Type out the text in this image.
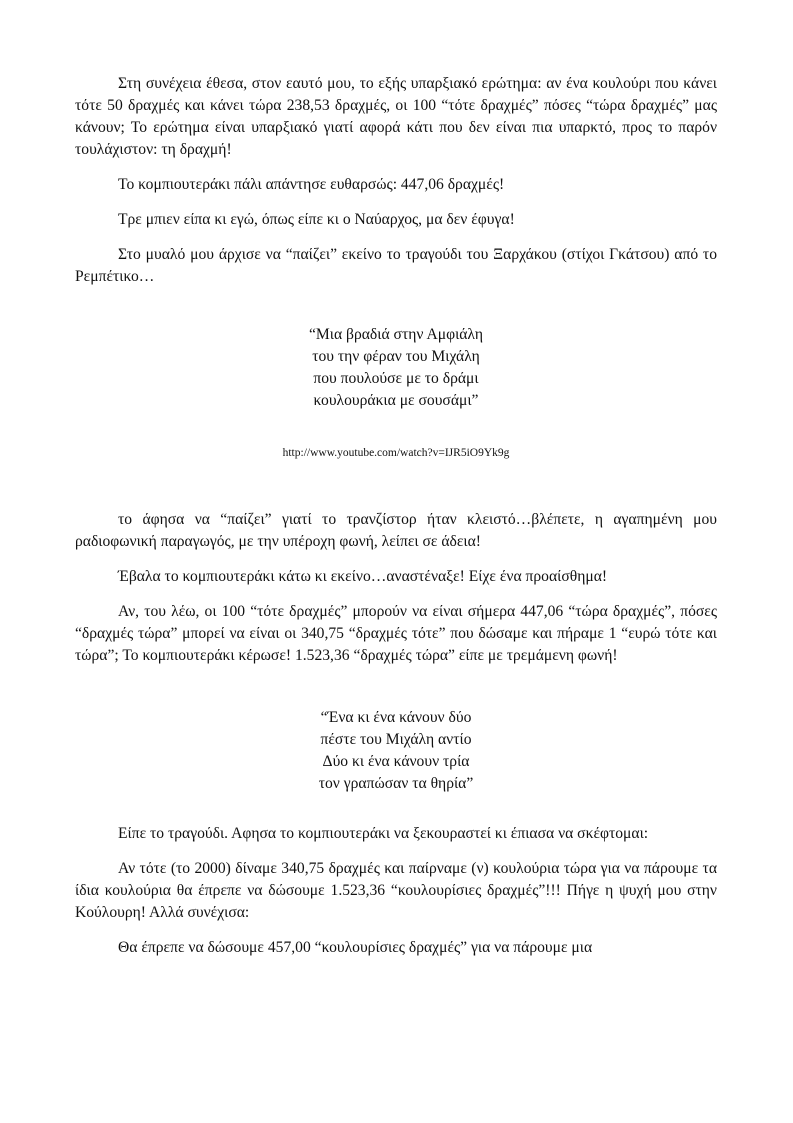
Στη συνέχεια έθεσα, στον εαυτό μου, το εξής υπαρξιακό ερώτημα: αν ένα κουλούρι που κάνει τότε 50 δραχμές και κάνει τώρα 238,53 δραχμές, οι 100 “τότε δραχμές” πόσες “τώρα δραχμές” μας κάνουν; Το ερώτημα είναι υπαρξιακό γιατί αφορά κάτι που δεν είναι πια υπαρκτό, προς το παρόν τουλάχιστον: τη δραχμή!

Το κομπιουτεράκι πάλι απάντησε ευθαρσώς: 447,06 δραχμές!

Τρε μπιεν είπα κι εγώ, όπως είπε κι ο Ναύαρχος, μα δεν έφυγα!

Στο μυαλό μου άρχισε να “παίζει” εκείνο το τραγούδι του Ξαρχάκου (στίχοι Γκάτσου) από το Ρεμπέτικο…

“Μια βραδιά στην Αμφιάλη
του την φέραν του Μιχάλη
που πουλούσε με το δράμι
κουλουράκια με σουσάμι”

http://www.youtube.com/watch?v=IJR5iO9Yk9g

το άφησα να “παίζει” γιατί το τρανζίστορ ήταν κλειστό…βλέπετε, η αγαπημένη μου ραδιοφωνική παραγωγός, με την υπέροχη φωνή, λείπει σε άδεια!

Έβαλα το κομπιουτεράκι κάτω κι εκείνο…αναστέναξε! Είχε ένα προαίσθημα!

Αν, του λέω, οι 100 “τότε δραχμές” μπορούν να είναι σήμερα 447,06 “τώρα δραχμές”, πόσες “δραχμές τώρα” μπορεί να είναι οι 340,75 “δραχμές τότε” που δώσαμε και πήραμε 1 “ευρώ τότε και τώρα”; Το κομπιουτεράκι κέρωσε! 1.523,36 “δραχμές τώρα” είπε με τρεμάμενη φωνή!

“Ένα κι ένα κάνουν δύο
πέστε του Μιχάλη αντίο
Δύο κι ένα κάνουν τρία
τον γραπώσαν τα θηρία”

Είπε το τραγούδι. Αφησα το κομπιουτεράκι να ξεκουραστεί κι έπιασα να σκέφτομαι:

Αν τότε (το 2000) δίναμε 340,75 δραχμές και παίρναμε (ν) κουλούρια τώρα για να πάρουμε τα ίδια κουλούρια θα έπρεπε να δώσουμε 1.523,36 “κουλουρίσιες δραχμές”!!! Πήγε η ψυχή μου στην Κούλουρη! Αλλά συνέχισα:

Θα έπρεπε να δώσουμε 457,00 “κουλουρίσιες δραχμές” για να πάρουμε μια
